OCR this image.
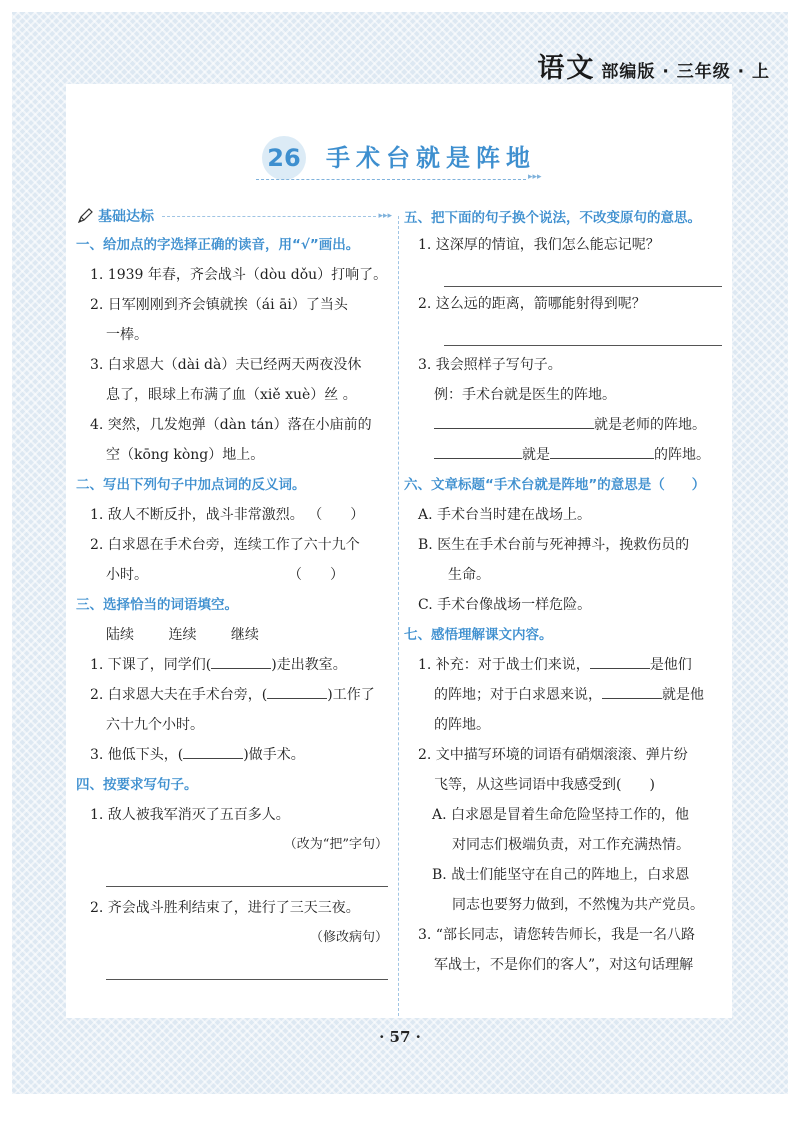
语文 部编版 · 三年级 · 上
26 手术台就是阵地
▸▸▸
基础达标	▸▸▸
一、给加点的字选择正确的读音，用“√”画出。
1. 1939 年春，齐会战斗（dòu dǒu）打响了。
2. 日军刚刚到齐会镇就挨（ái āi）了当头
一棒。
3. 白求恩大（dài dà）夫已经两天两夜没休
息了，眼球上布满了血（xiě xuè）丝 。
4. 突然，几发炮弹（dàn tán）落在小庙前的
空（kōng kòng）地上。
二、写出下列句子中加点词的反义词。
1. 敌人不断反扑，战斗非常激烈。 （　　）
2. 白求恩在手术台旁，连续工作了六十九个
小时。　　　　　　　　　　　（　　）
三、选择恰当的词语填空。
陆续 连续 继续
1. 下课了，同学们(	)走出教室。
2. 白求恩大夫在手术台旁，(	)工作了
六十九个小时。
3. 他低下头，(	)做手术。
四、按要求写句子。
1. 敌人被我军消灭了五百多人。
（改为“把”字句）
2. 齐会战斗胜利结束了，进行了三天三夜。
（修改病句）
五、把下面的句子换个说法，不改变原句的意思。
1. 这深厚的情谊，我们怎么能忘记呢？
2. 这么远的距离，箭哪能射得到呢？
3. 我会照样子写句子。
例：手术台就是医生的阵地。
就是老师的阵地。
就是	的阵地。
六、文章标题“手术台就是阵地”的意思是（　　）
A. 手术台当时建在战场上。
B. 医生在手术台前与死神搏斗，挽救伤员的
生命。
C. 手术台像战场一样危险。
七、感悟理解课文内容。
1. 补充：对于战士们来说，	是他们
的阵地；对于白求恩来说，	就是他
的阵地。
2. 文中描写环境的词语有硝烟滚滚、弹片纷
飞等，从这些词语中我感受到(　　)
A. 白求恩是冒着生命危险坚持工作的，他
对同志们极端负责，对工作充满热情。
B. 战士们能坚守在自己的阵地上，白求恩
同志也要努力做到，不然愧为共产党员。
3. “部长同志，请您转告师长，我是一名八路
军战士，不是你们的客人”，对这句话理解
· 57 ·
